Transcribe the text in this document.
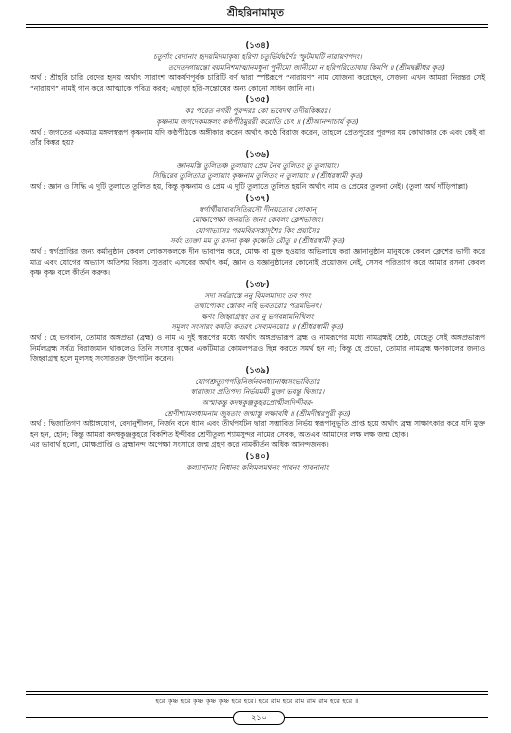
শ্রীহরিনামামৃত
(১৩৪)
চতুর্ণাং বেদানাং হৃদয়মিদমাকৃষ্য হরিণা চতুর্ভির্যদ্বর্ণৈঃ স্ফুটমঘটি নারায়ণপদং।
তদেতদ্গায়ন্তো বয়মনিশমাত্মানমধুনা পুনীমো জানীমো ন হরিপরিতোষায় কিমপি ॥ (শ্রীমদ্বল্লীধর কৃত)
অর্থ : শ্রীহরি চারি বেদের হৃদয় অর্থাৎ সারাংশ আকর্ষণপূর্বক চারিটি বর্ণ দ্বারা স্পষ্টরূপে “নারায়ণ” নাম যোজনা করেছেন, সেজন্য এখন আমরা নিরন্তর সেই “নারায়ণ” নামই গান করে আত্মাকে পবিত্র করব; এছাড়া হরি-সন্তোষের অন্য কোনো সাধন জানি না।
(১৩৫)
কঃ পরেত নগরী পুরন্দরঃ কো ভবেদথ তদীয়কিঙ্করঃ।
কৃষ্ণনাম জগদেকমঙ্গলং কণ্ঠপীঠমুররী করোতি চেৎ ॥ (শ্রীআনন্দাচার্য কৃত)
অর্থ : জগতের একমাত্র মঙ্গলস্বরূপ কৃষ্ণনাম যদি কণ্ঠপীঠকে অঙ্গীকার করেন অর্থাৎ কণ্ঠে বিরাজ করেন, তাহলে প্রেতপুরের পুরন্দর যম কোথাকার কে এবং কেই বা তাঁর কিঙ্কর হয়?
(১৩৬)
জ্ঞানমস্তি তুলিতঞ্চ তুলায়াং প্রেম নৈব তুলিতং তু তুলায়াং।
সিদ্ধিরেব তুলিতাত্র তুলায়াং কৃষ্ণনাম তুলিতং ন তুলায়াং ॥ (শ্রীধরস্বামী কৃত)
অর্থ : জ্ঞান ও সিদ্ধি এ দুটি তুলাতে তুলিত হয়, কিন্তু কৃষ্ণনাম ও প্রেম এ দুটি তুলাতে তুলিত হয়নি অর্থাৎ নাম ও প্রেমের তুলনা নেই। (তুলা অর্থ দাঁড়িপাল্লা)
(১৩৭)
স্বর্গার্থীয়াব্যবসিতিরসৌ দীনয়ত্যেব লোকান্
মোক্ষাপেক্ষা জনয়তি জনং কেবলং ক্লেশভাজং।
যোগাভ্যাসঃ পরমবিরসস্তাদৃশৈঃ কিং প্রয়াসৈঃ
সর্বং ত্যক্তা মম তু রসনা কৃষ্ণ কৃষ্ণেতি রৌতু ॥ (শ্রীধরস্বামী কৃত)
অর্থ : স্বর্গপ্রাপ্তির জন্য কর্মানুষ্ঠান কেবল লোকসকলকে দীন ভাবাপন্ন করে, মোক্ষ বা মুক্ত হওয়ার অভিলাষে করা জ্ঞানানুষ্ঠান মানুষকে কেবল ক্লেশের ভাগী করে মাত্র এবং যোগের অভ্যাস অতিশয় বিরস। সুতরাং এসবের অর্থাৎ কর্ম, জ্ঞান ও যজ্ঞানুষ্ঠানের কোনোই প্রয়োজন নেই, সেসব পরিত্যাগ করে আমার রসনা কেবল কৃষ্ণ কৃষ্ণ বলে কীর্তন করুক।
(১৩৮)
সদা সর্বত্রাস্তে ননু বিমলমাদ্যং তব পদং
তথাপ্যেকং স্তোকং নহি ভবতরোঃ পত্রমভিনৎ।
ক্ষণং জিহ্বাগ্রস্থং তব নু ভগবন্নামনিখিলং
সমূলং সংসারং কষতি কতরৎ সেব্যমনয়োঃ ॥ (শ্রীধরস্বামী কৃত)
অর্থ : হে ভগবান, তোমার অঙ্গপ্রভা (ব্রহ্ম) ও নাম এ দুই স্বরূপের মধ্যে অর্থাৎ অঙ্গপ্রভারূপ ব্রহ্ম ও নামরূপের মধ্যে নামব্রহ্মই শ্রেষ্ঠ, যেহেতু সেই অঙ্গপ্রভারূপ নির্মলব্রহ্ম সর্বত্র বিরাজমান থাকলেও তিনি সংসার বৃক্ষের একটিমাত্র কোমলপত্রও ছিন্ন করতে সমর্থ হন না; কিন্তু হে প্রভো, তোমার নামব্রহ্ম ক্ষণকালের জন্যও জিহ্বাগ্রস্থ হলে মূলসহ সংসারতরু উৎপাটন করেন।
(১৩৯)
যোগশ্রুত্যুপপত্তিনির্জনবনধ্যানাধ্বসংভাবিতাঃ
স্বারাজ্যং প্রতিপদ্য নির্ভয়মমী মুক্তা ভবন্তু দ্বিজাঃ।
অস্মাকন্তু কদম্বকুঞ্জকুহরপ্রোন্মীলদিন্দীবর-
শ্রেণীশ্যামলধামনাম জুষতাং জন্মাস্তু লক্ষাবধি ॥ (শ্রীমদীশ্বরপুরী কৃত)
অর্থ : দ্বিজাতিগণ অষ্টাঙ্গযোগ, বেদানুশীলন, নির্জন বনে ধ্যান এবং তীর্থপর্যটন দ্বারা সম্ভাবিত নির্ভয় স্বরূপানুভূতি প্রাপ্ত হয়ে অর্থাৎ ব্রহ্ম সাক্ষাৎকার করে যদি মুক্ত হন হন, হোন; কিন্তু আমরা কদম্বকুঞ্জকুহরে বিকশিত ইন্দীবর শ্রেণীতুল্য শ্যামসুন্দর নামের সেবক, অতএব আমাদের লক্ষ লক্ষ জন্ম হোক।
এর ভাবার্থ হলো, মোক্ষপ্রাপ্তি ও ব্রহ্মানন্দ অপেক্ষা সংসারে জন্ম গ্রহণ করে নামকীর্তন অধিক আনন্দজনক।
(১৪০)
কল্যাণানাং নিধানং কলিমলমথনং পাবনং পাবনানাং
হরে কৃষ্ণ হরে কৃষ্ণ কৃষ্ণ কৃষ্ণ হরে হরে। হরে রাম হরে রাম রাম রাম হরে হরে ॥
২১০
